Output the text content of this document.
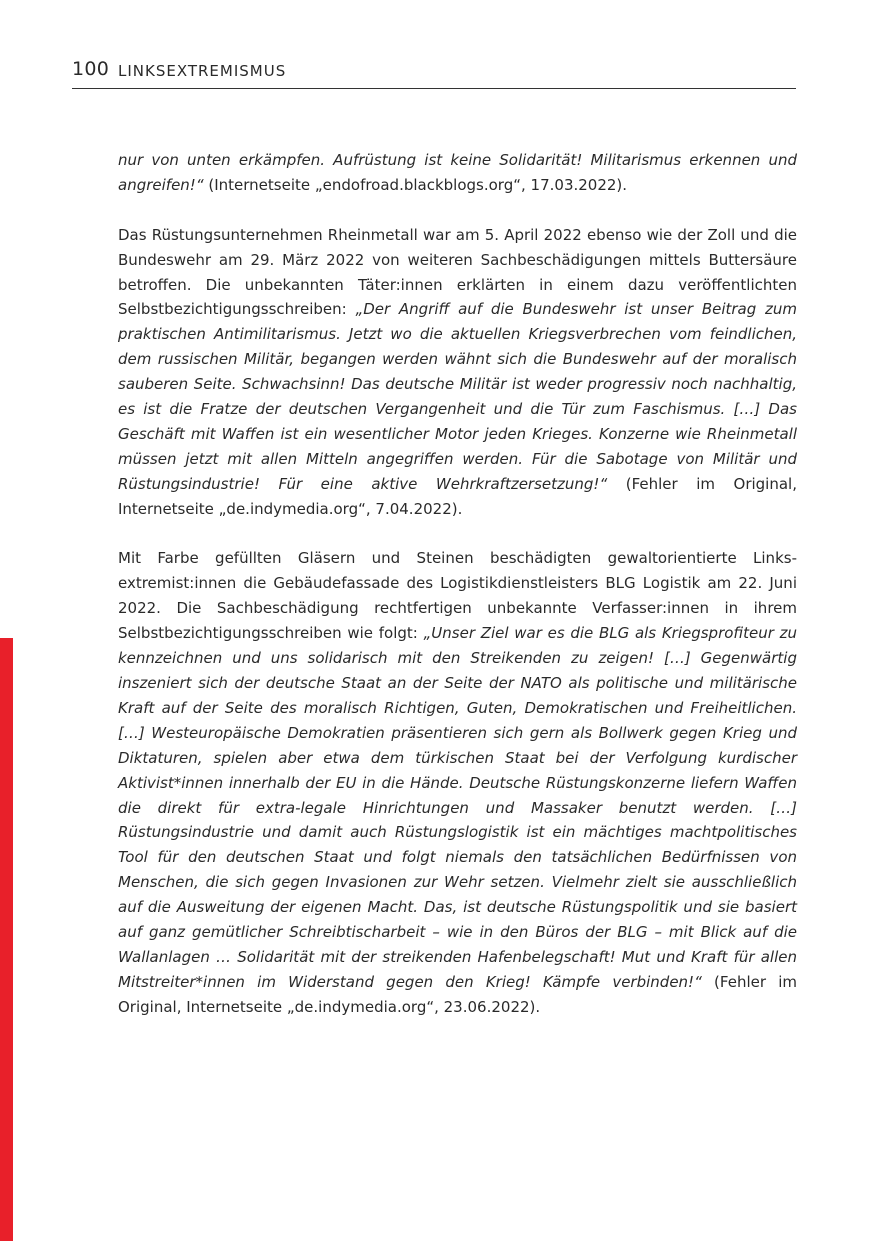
100 LINKSEXTREMISMUS

nur von unten erkämpfen. Aufrüstung ist keine Solidarität! Militarismus erkennen und angreifen!“ (Internetseite „endofroad.blackblogs.org“, 17.03.2022).

Das Rüstungsunternehmen Rheinmetall war am 5. April 2022 ebenso wie der Zoll und die Bundeswehr am 29. März 2022 von weiteren Sachbeschädigungen mittels Buttersäure betroffen. Die unbekannten Täter:innen erklärten in einem dazu veröffentlichten Selbstbezichtigungsschreiben: „Der Angriff auf die Bundeswehr ist unser Beitrag zum praktischen Antimilitarismus. Jetzt wo die aktuellen Kriegsverbrechen vom feindlichen, dem russischen Militär, begangen werden wähnt sich die Bundeswehr auf der moralisch sauberen Seite. Schwachsinn! Das deutsche Militär ist weder progressiv noch nachhaltig, es ist die Fratze der deutschen Vergangenheit und die Tür zum Faschismus. […] Das Geschäft mit Waffen ist ein wesentlicher Motor jeden Krieges. Konzerne wie Rheinmetall müssen jetzt mit allen Mitteln angegriffen werden. Für die Sabotage von Militär und Rüstungsindustrie! Für eine aktive Wehrkraftzersetzung!“ (Fehler im Original, Internetseite „de.indymedia.org“, 7.04.2022).

Mit Farbe gefüllten Gläsern und Steinen beschädigten gewaltorientierte Linksextremist:innen die Gebäudefassade des Logistikdienstleisters BLG Logistik am 22. Juni 2022. Die Sachbeschädigung rechtfertigen unbekannte Verfasser:innen in ihrem Selbstbezichtigungsschreiben wie folgt: „Unser Ziel war es die BLG als Kriegsprofiteur zu kennzeichnen und uns solidarisch mit den Streikenden zu zeigen! […] Gegenwärtig inszeniert sich der deutsche Staat an der Seite der NATO als politische und militärische Kraft auf der Seite des moralisch Richtigen, Guten, Demokratischen und Freiheitlichen. […] Westeuropäische Demokratien präsentieren sich gern als Bollwerk gegen Krieg und Diktaturen, spielen aber etwa dem türkischen Staat bei der Verfolgung kurdischer Aktivist*innen innerhalb der EU in die Hände. Deutsche Rüstungskonzerne liefern Waffen die direkt für extra-legale Hinrichtungen und Massaker benutzt werden. […] Rüstungsindustrie und damit auch Rüstungslogistik ist ein mächtiges machtpolitisches Tool für den deutschen Staat und folgt niemals den tatsächlichen Bedürfnissen von Menschen, die sich gegen Invasionen zur Wehr setzen. Vielmehr zielt sie ausschließlich auf die Ausweitung der eigenen Macht. Das, ist deutsche Rüstungspolitik und sie basiert auf ganz gemütlicher Schreibtischarbeit – wie in den Büros der BLG – mit Blick auf die Wallanlagen … Solidarität mit der streikenden Hafenbelegschaft! Mut und Kraft für allen Mitstreiter*innen im Widerstand gegen den Krieg! Kämpfe verbinden!“ (Fehler im Original, Internetseite „de.indymedia.org“, 23.06.2022).
